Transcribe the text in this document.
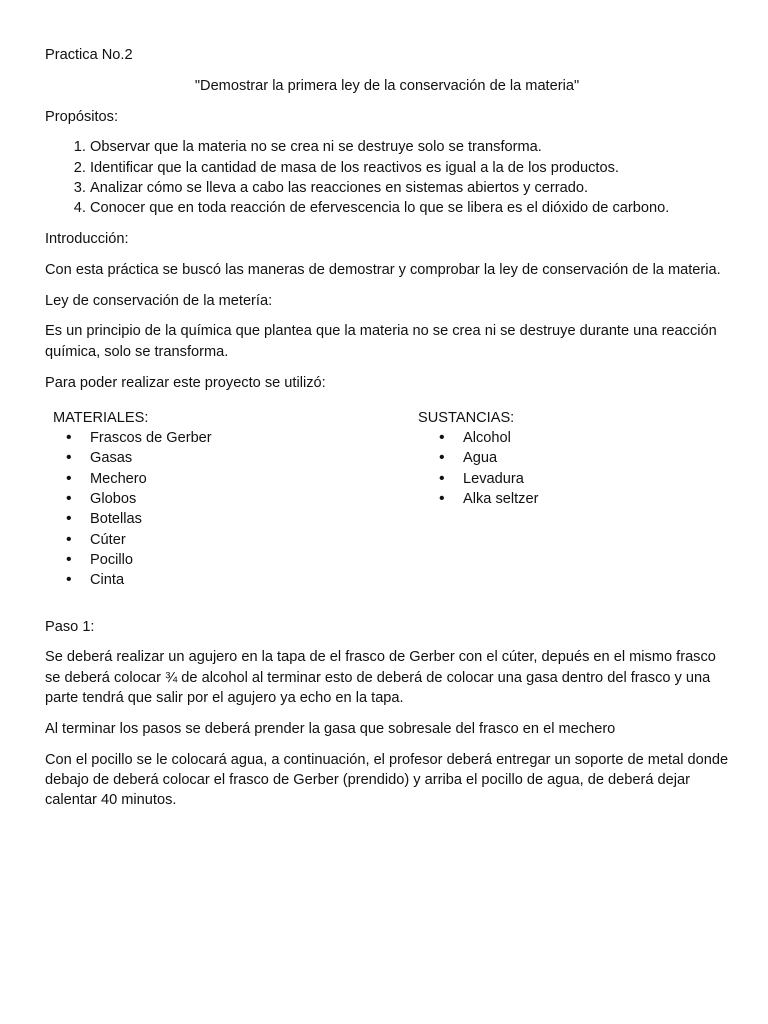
Practica No.2

"Demostrar la primera ley de la conservación de la materia"

Propósitos:

1. Observar que la materia no se crea ni se destruye solo se transforma.
2. Identificar que la cantidad de masa de los reactivos es igual a la de los productos.
3. Analizar cómo se lleva a cabo las reacciones en sistemas abiertos y cerrado.
4. Conocer que en toda reacción de efervescencia lo que se libera es el dióxido de carbono.

Introducción:

Con esta práctica se buscó las maneras de demostrar y comprobar la ley de conservación de la materia.

Ley de conservación de la metería:

Es un principio de la química que plantea que la materia no se crea ni se destruye durante una reacción química, solo se transforma.

Para poder realizar este proyecto se utilizó:

MATERIALES:
• Frascos de Gerber
• Gasas
• Mechero
• Globos
• Botellas
• Cúter
• Pocillo
• Cinta
SUSTANCIAS:
• Alcohol
• Agua
• Levadura
• Alka seltzer

Paso 1:

Se deberá realizar un agujero en la tapa de el frasco de Gerber con el cúter, depués en el mismo frasco se deberá colocar ¾ de alcohol al terminar esto de deberá de colocar una gasa dentro del frasco y una parte tendrá que salir por el agujero ya echo en la tapa.

Al terminar los pasos se deberá prender la gasa que sobresale del frasco en el mechero

Con el pocillo se le colocará agua, a continuación, el profesor deberá entregar un soporte de metal donde debajo de deberá colocar el frasco de Gerber (prendido) y arriba el pocillo de agua, de deberá dejar calentar 40 minutos.
